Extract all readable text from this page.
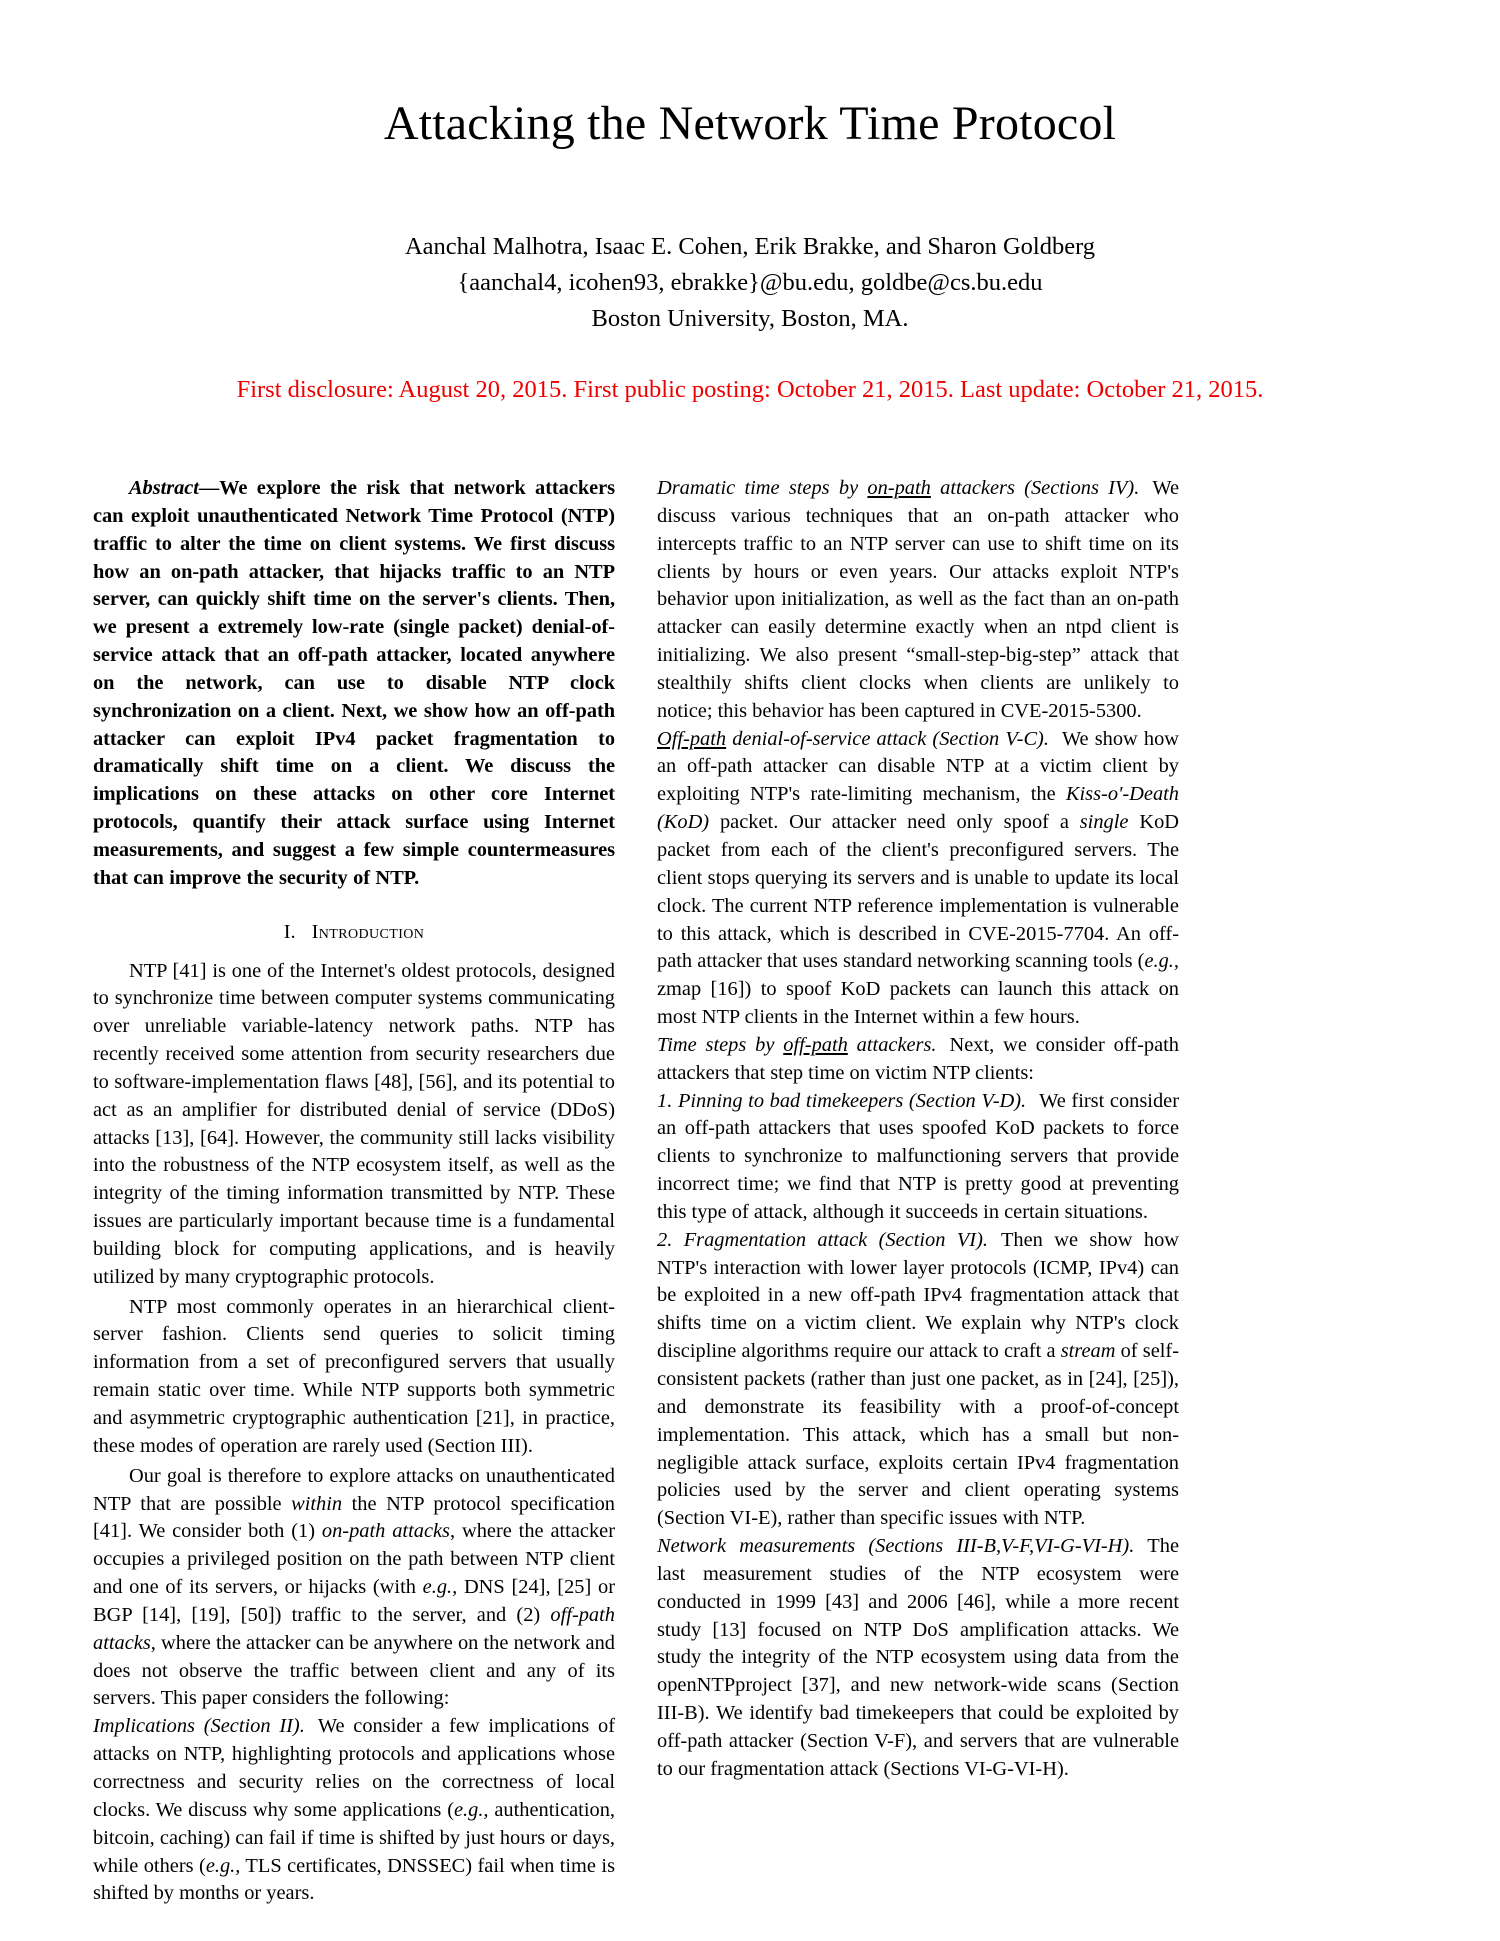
Attacking the Network Time Protocol
Aanchal Malhotra, Isaac E. Cohen, Erik Brakke, and Sharon Goldberg
{aanchal4, icohen93, ebrakke}@bu.edu, goldbe@cs.bu.edu
Boston University, Boston, MA.
First disclosure: August 20, 2015. First public posting: October 21, 2015. Last update: October 21, 2015.

Abstract—We explore the risk that network attackers can exploit unauthenticated Network Time Protocol (NTP) traffic to alter the time on client systems. We first discuss how an on-path attacker, that hijacks traffic to an NTP server, can quickly shift time on the server's clients. Then, we present a extremely low-rate (single packet) denial-of-service attack that an off-path attacker, located anywhere on the network, can use to disable NTP clock synchronization on a client. Next, we show how an off-path attacker can exploit IPv4 packet fragmentation to dramatically shift time on a client. We discuss the implications on these attacks on other core Internet protocols, quantify their attack surface using Internet measurements, and suggest a few simple countermeasures that can improve the security of NTP.

I. Introduction

NTP [41] is one of the Internet's oldest protocols, designed to synchronize time between computer systems communicating over unreliable variable-latency network paths. NTP has recently received some attention from security researchers due to software-implementation flaws [48], [56], and its potential to act as an amplifier for distributed denial of service (DDoS) attacks [13], [64]. However, the community still lacks visibility into the robustness of the NTP ecosystem itself, as well as the integrity of the timing information transmitted by NTP. These issues are particularly important because time is a fundamental building block for computing applications, and is heavily utilized by many cryptographic protocols.

NTP most commonly operates in an hierarchical client-server fashion. Clients send queries to solicit timing information from a set of preconfigured servers that usually remain static over time. While NTP supports both symmetric and asymmetric cryptographic authentication [21], in practice, these modes of operation are rarely used (Section III).

Our goal is therefore to explore attacks on unauthenticated NTP that are possible within the NTP protocol specification [41]. We consider both (1) on-path attacks, where the attacker occupies a privileged position on the path between NTP client and one of its servers, or hijacks (with e.g., DNS [24], [25] or BGP [14], [19], [50]) traffic to the server, and (2) off-path attacks, where the attacker can be anywhere on the network and does not observe the traffic between client and any of its servers. This paper considers the following:

Implications (Section II). We consider a few implications of attacks on NTP, highlighting protocols and applications whose correctness and security relies on the correctness of local clocks. We discuss why some applications (e.g., authentication, bitcoin, caching) can fail if time is shifted by just hours or days, while others (e.g., TLS certificates, DNSSEC) fail when time is shifted by months or years.

Dramatic time steps by on-path attackers (Sections IV). We discuss various techniques that an on-path attacker who intercepts traffic to an NTP server can use to shift time on its clients by hours or even years. Our attacks exploit NTP's behavior upon initialization, as well as the fact than an on-path attacker can easily determine exactly when an ntpd client is initializing. We also present “small-step-big-step” attack that stealthily shifts client clocks when clients are unlikely to notice; this behavior has been captured in CVE-2015-5300.

Off-path denial-of-service attack (Section V-C). We show how an off-path attacker can disable NTP at a victim client by exploiting NTP's rate-limiting mechanism, the Kiss-o'-Death (KoD) packet. Our attacker need only spoof a single KoD packet from each of the client's preconfigured servers. The client stops querying its servers and is unable to update its local clock. The current NTP reference implementation is vulnerable to this attack, which is described in CVE-2015-7704. An off-path attacker that uses standard networking scanning tools (e.g., zmap [16]) to spoof KoD packets can launch this attack on most NTP clients in the Internet within a few hours.

Time steps by off-path attackers. Next, we consider off-path attackers that step time on victim NTP clients:

1. Pinning to bad timekeepers (Section V-D). We first consider an off-path attackers that uses spoofed KoD packets to force clients to synchronize to malfunctioning servers that provide incorrect time; we find that NTP is pretty good at preventing this type of attack, although it succeeds in certain situations.

2. Fragmentation attack (Section VI). Then we show how NTP's interaction with lower layer protocols (ICMP, IPv4) can be exploited in a new off-path IPv4 fragmentation attack that shifts time on a victim client. We explain why NTP's clock discipline algorithms require our attack to craft a stream of self-consistent packets (rather than just one packet, as in [24], [25]), and demonstrate its feasibility with a proof-of-concept implementation. This attack, which has a small but non-negligible attack surface, exploits certain IPv4 fragmentation policies used by the server and client operating systems (Section VI-E), rather than specific issues with NTP.

Network measurements (Sections III-B,V-F,VI-G-VI-H). The last measurement studies of the NTP ecosystem were conducted in 1999 [43] and 2006 [46], while a more recent study [13] focused on NTP DoS amplification attacks. We study the integrity of the NTP ecosystem using data from the openNTPproject [37], and new network-wide scans (Section III-B). We identify bad timekeepers that could be exploited by off-path attacker (Section V-F), and servers that are vulnerable to our fragmentation attack (Sections VI-G-VI-H).
